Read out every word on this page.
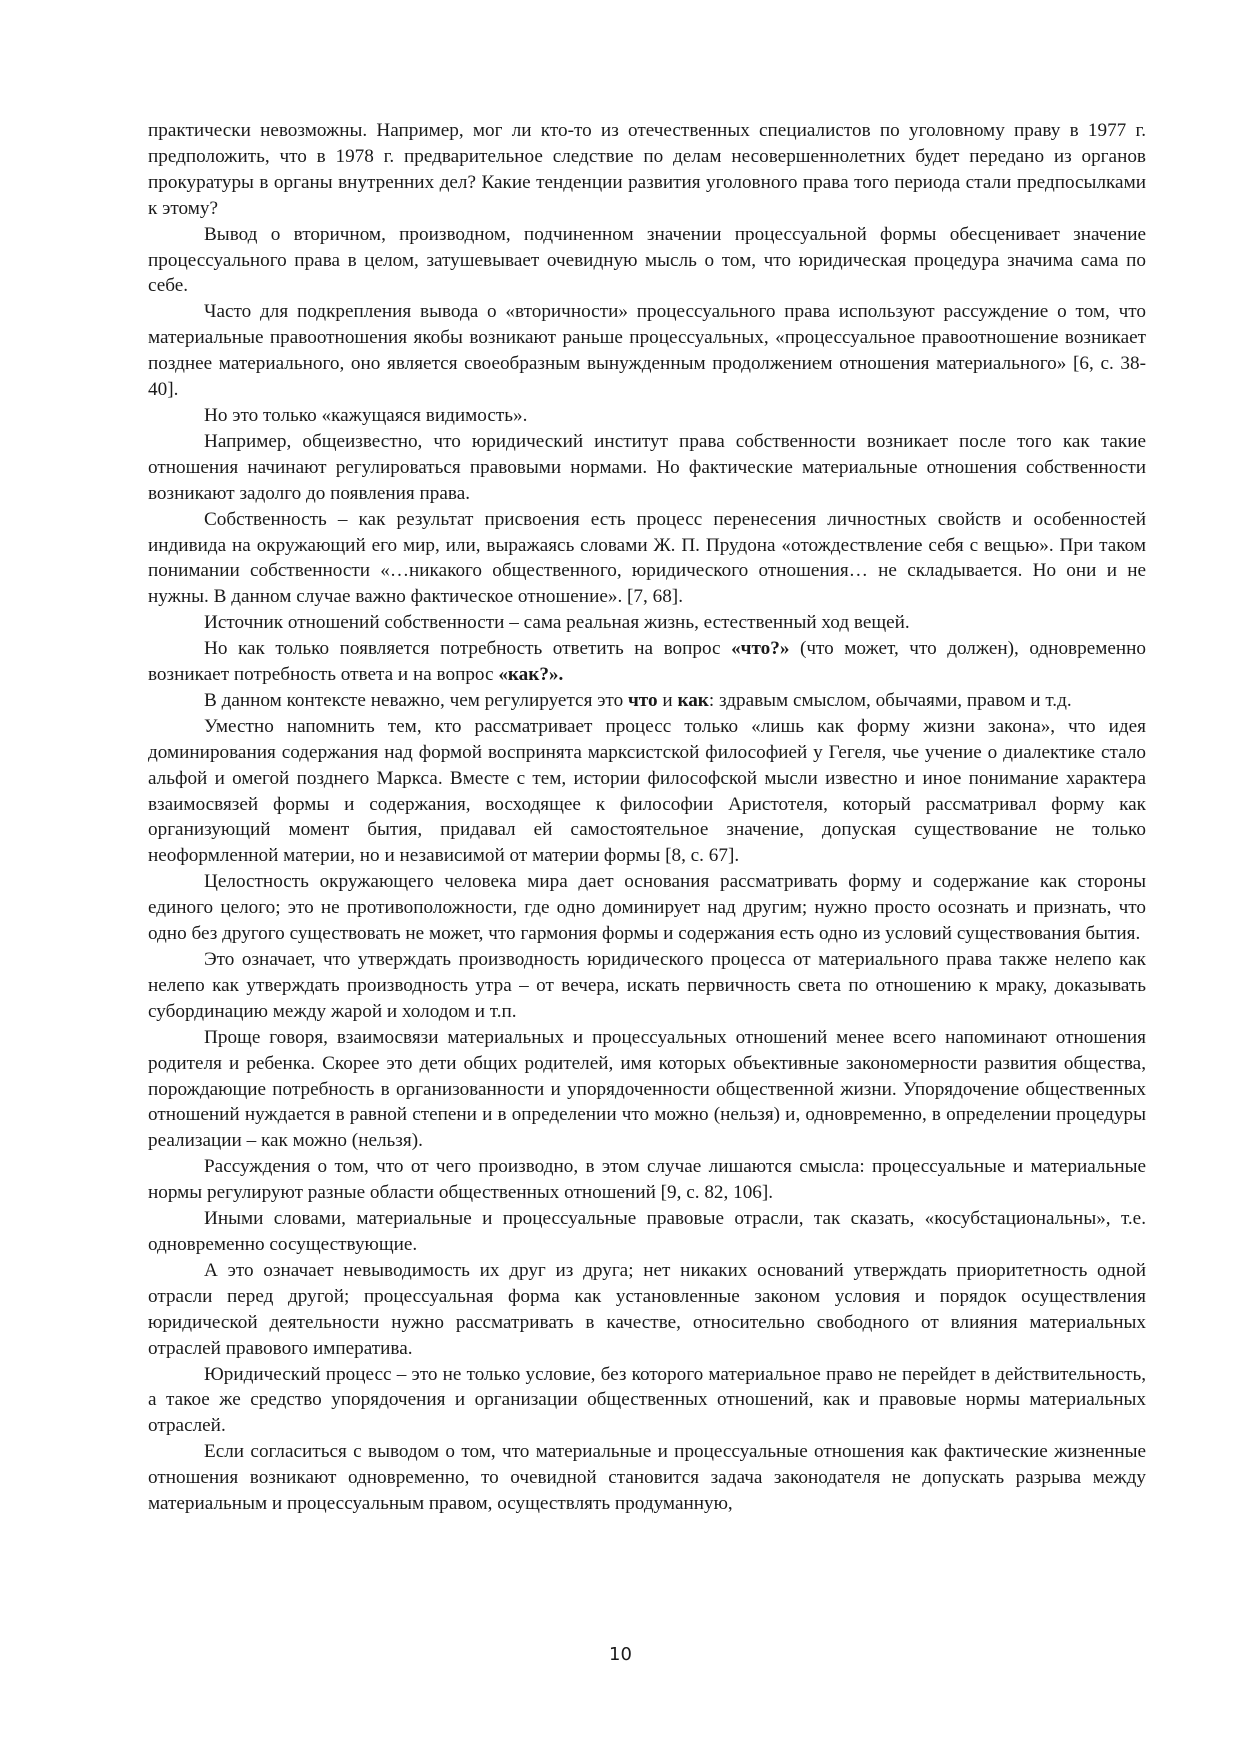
практически невозможны. Например, мог ли кто-то из отечественных специалистов по уголовному праву в 1977 г. предположить, что в 1978 г. предварительное следствие по делам несовершеннолетних будет передано из органов прокуратуры в органы внутренних дел? Какие тенденции развития уголовного права того периода стали предпосылками к этому?

Вывод о вторичном, производном, подчиненном значении процессуальной формы обесценивает значение процессуального права в целом, затушевывает очевидную мысль о том, что юридическая процедура значима сама по себе.

Часто для подкрепления вывода о «вторичности» процессуального права используют рассуждение о том, что материальные правоотношения якобы возникают раньше процессуальных, «процессуальное правоотношение возникает позднее материального, оно является своеобразным вынужденным продолжением отношения материального» [6, с. 38-40].

Но это только «кажущаяся видимость».

Например, общеизвестно, что юридический институт права собственности возникает после того как такие отношения начинают регулироваться правовыми нормами. Но фактические материальные отношения собственности возникают задолго до появления права.

Собственность – как результат присвоения есть процесс перенесения личностных свойств и особенностей индивида на окружающий его мир, или, выражаясь словами Ж. П. Прудона «отождествление себя с вещью». При таком понимании собственности «…никакого общественного, юридического отношения… не складывается. Но они и не нужны. В данном случае важно фактическое отношение». [7, 68].

Источник отношений собственности – сама реальная жизнь, естественный ход вещей.

Но как только появляется потребность ответить на вопрос «что?» (что может, что должен), одновременно возникает потребность ответа и на вопрос «как?».

В данном контексте неважно, чем регулируется это что и как: здравым смыслом, обычаями, правом и т.д.

Уместно напомнить тем, кто рассматривает процесс только «лишь как форму жизни закона», что идея доминирования содержания над формой воспринята марксистской философией у Гегеля, чье учение о диалектике стало альфой и омегой позднего Маркса. Вместе с тем, истории философской мысли известно и иное понимание характера взаимосвязей формы и содержания, восходящее к философии Аристотеля, который рассматривал форму как организующий момент бытия, придавал ей самостоятельное значение, допуская существование не только неоформленной материи, но и независимой от материи формы [8, с. 67].

Целостность окружающего человека мира дает основания рассматривать форму и содержание как стороны единого целого; это не противоположности, где одно доминирует над другим; нужно просто осознать и признать, что одно без другого существовать не может, что гармония формы и содержания есть одно из условий существования бытия.

Это означает, что утверждать производность юридического процесса от материального права также нелепо как нелепо как утверждать производность утра – от вечера, искать первичность света по отношению к мраку, доказывать субординацию между жарой и холодом и т.п.

Проще говоря, взаимосвязи материальных и процессуальных отношений менее всего напоминают отношения родителя и ребенка. Скорее это дети общих родителей, имя которых объективные закономерности развития общества, порождающие потребность в организованности и упорядоченности общественной жизни. Упорядочение общественных отношений нуждается в равной степени и в определении что можно (нельзя) и, одновременно, в определении процедуры реализации – как можно (нельзя).

Рассуждения о том, что от чего производно, в этом случае лишаются смысла: процессуальные и материальные нормы регулируют разные области общественных отношений [9, с. 82, 106].

Иными словами, материальные и процессуальные правовые отрасли, так сказать, «косубстациональны», т.е. одновременно сосуществующие.

А это означает невыводимость их друг из друга; нет никаких оснований утверждать приоритетность одной отрасли перед другой; процессуальная форма как установленные законом условия и порядок осуществления юридической деятельности нужно рассматривать в качестве, относительно свободного от влияния материальных отраслей правового императива.

Юридический процесс – это не только условие, без которого материальное право не перейдет в действительность, а такое же средство упорядочения и организации общественных отношений, как и правовые нормы материальных отраслей.

Если согласиться с выводом о том, что материальные и процессуальные отношения как фактические жизненные отношения возникают одновременно, то очевидной становится задача законодателя не допускать разрыва между материальным и процессуальным правом, осуществлять продуманную,

10
